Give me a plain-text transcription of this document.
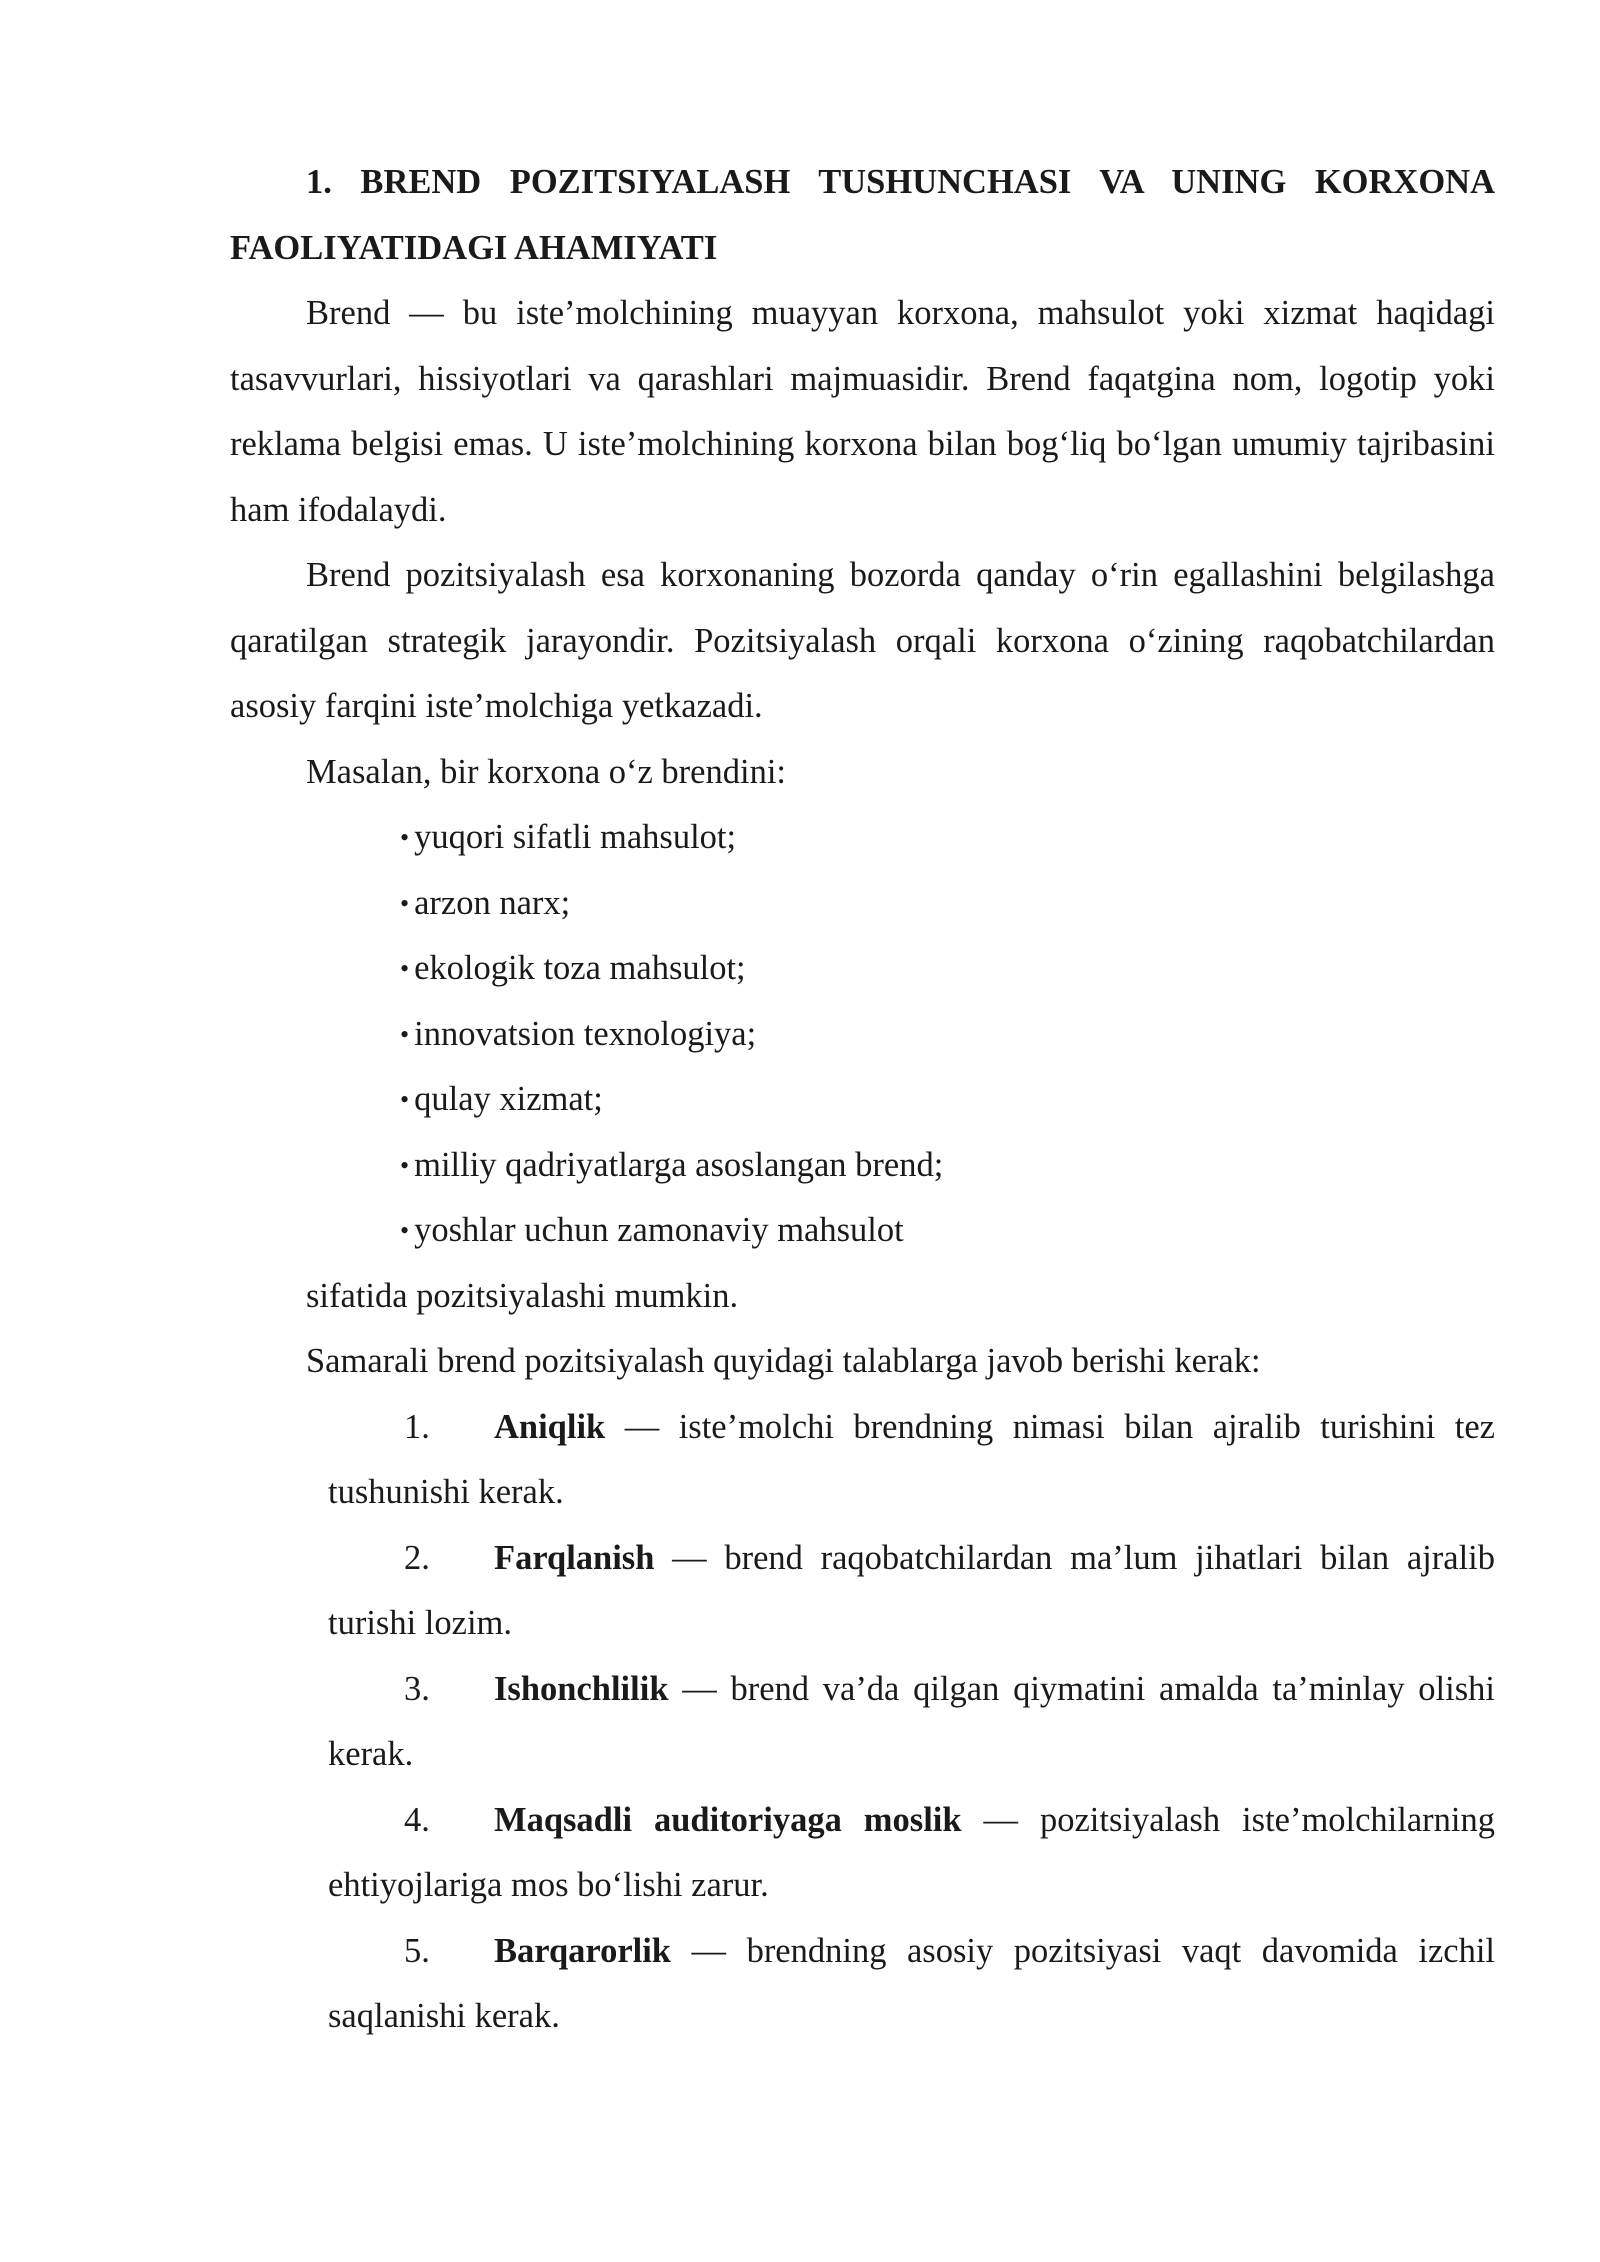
1. BREND POZITSIYALASH TUSHUNCHASI VA UNING KORXONA FAOLIYATIDAGI AHAMIYATI

Brend — bu iste’molchining muayyan korxona, mahsulot yoki xizmat haqidagi tasavvurlari, hissiyotlari va qarashlari majmuasidir. Brend faqatgina nom, logotip yoki reklama belgisi emas. U iste’molchining korxona bilan bog‘liq bo‘lgan umumiy tajribasini ham ifodalaydi.

Brend pozitsiyalash esa korxonaning bozorda qanday o‘rin egallashini belgilashga qaratilgan strategik jarayondir. Pozitsiyalash orqali korxona o‘zining raqobatchilardan asosiy farqini iste’molchiga yetkazadi.

Masalan, bir korxona o‘z brendini:

• yuqori sifatli mahsulot;
• arzon narx;
• ekologik toza mahsulot;
• innovatsion texnologiya;
• qulay xizmat;
• milliy qadriyatlarga asoslangan brend;
• yoshlar uchun zamonaviy mahsulot

sifatida pozitsiyalashi mumkin.

Samarali brend pozitsiyalash quyidagi talablarga javob berishi kerak:

1. Aniqlik — iste’molchi brendning nimasi bilan ajralib turishini tez tushunishi kerak.

2. Farqlanish — brend raqobatchilardan ma’lum jihatlari bilan ajralib turishi lozim.

3. Ishonchlilik — brend va’da qilgan qiymatini amalda ta’minlay olishi kerak.

4. Maqsadli auditoriyaga moslik — pozitsiyalash iste’molchilarning ehtiyojlariga mos bo‘lishi zarur.

5. Barqarorlik — brendning asosiy pozitsiyasi vaqt davomida izchil saqlanishi kerak.
